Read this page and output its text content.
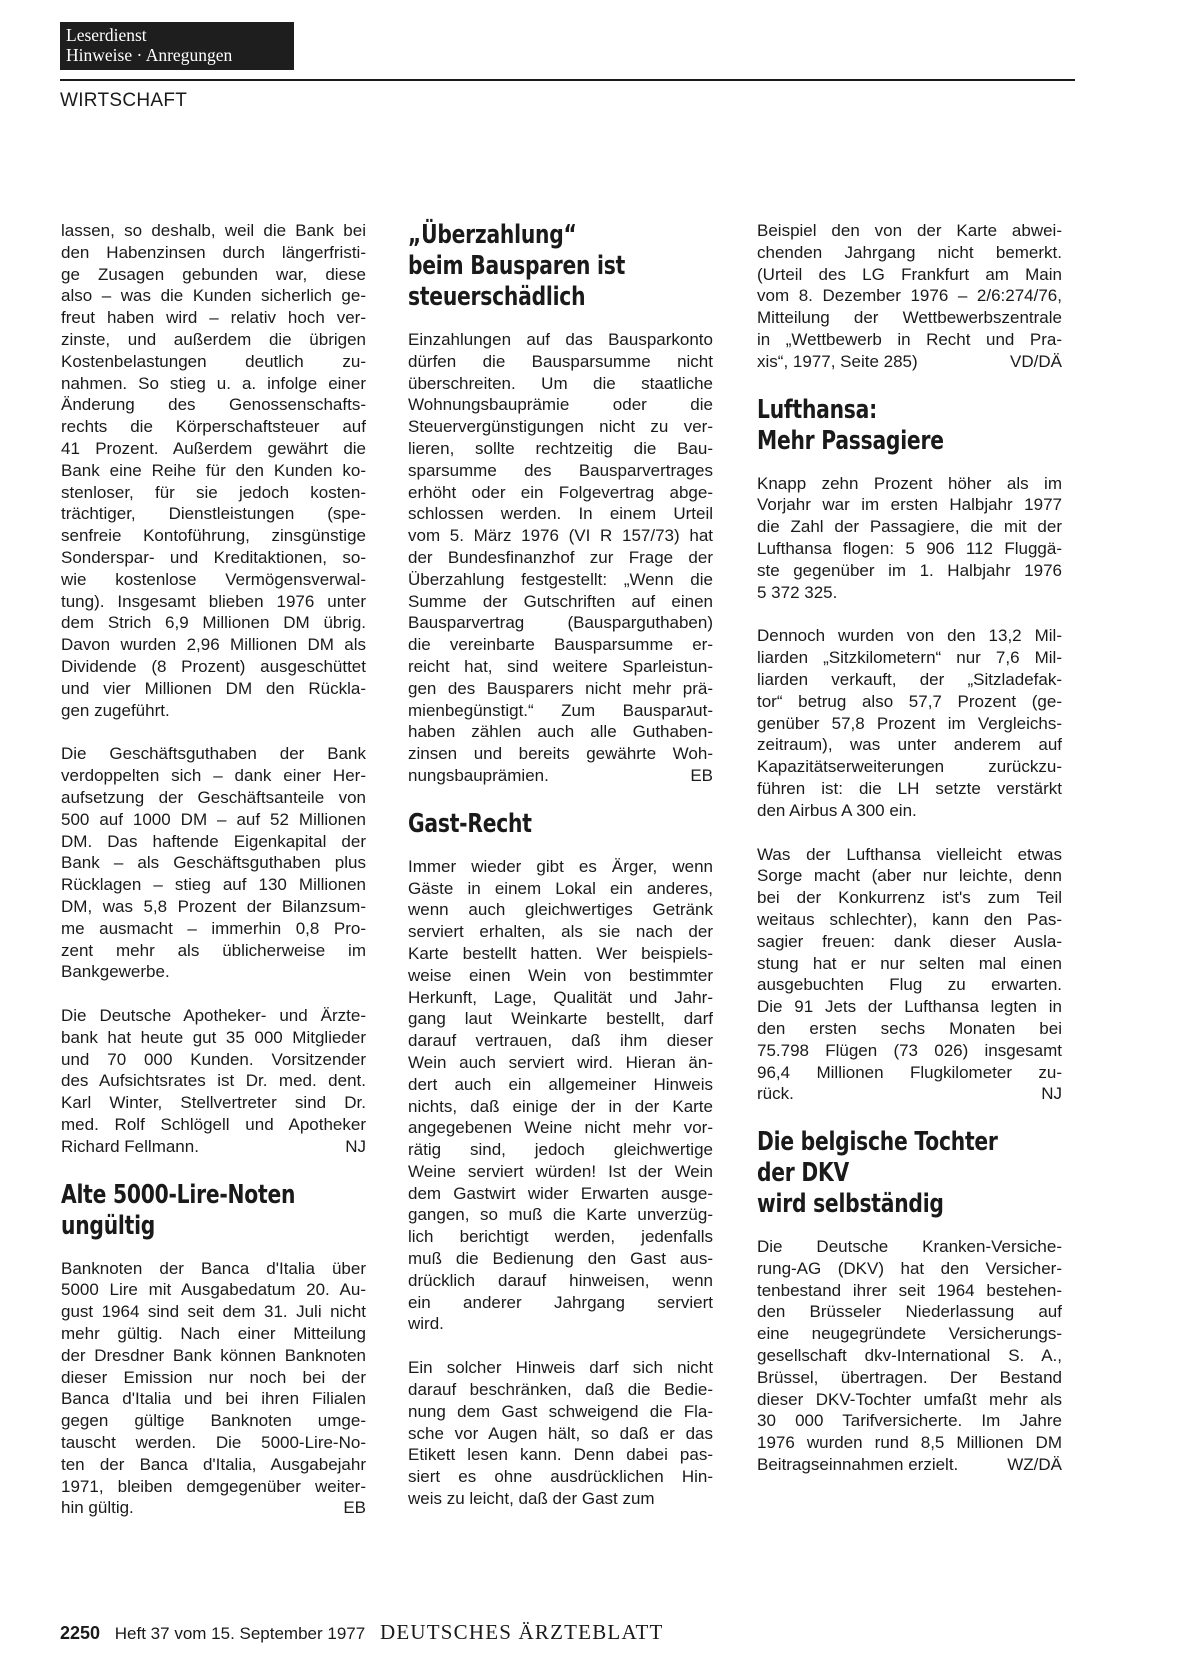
Leserdienst
Hinweise · Anregungen
WIRTSCHAFT
lassen, so deshalb, weil die Bank bei
den Habenzinsen durch längerfristi-
ge Zusagen gebunden war, diese
also – was die Kunden sicherlich ge-
freut haben wird – relativ hoch ver-
zinste, und außerdem die übrigen
Kostenbelastungen deutlich zu-
nahmen. So stieg u. a. infolge einer
Änderung des Genossenschafts-
rechts die Körperschaftsteuer auf
41 Prozent. Außerdem gewährt die
Bank eine Reihe für den Kunden ko-
stenloser, für sie jedoch kosten-
trächtiger, Dienstleistungen (spe-
senfreie Kontoführung, zinsgünstige
Sonderspar- und Kreditaktionen, so-
wie kostenlose Vermögensverwal-
tung). Insgesamt blieben 1976 unter
dem Strich 6,9 Millionen DM übrig.
Davon wurden 2,96 Millionen DM als
Dividende (8 Prozent) ausgeschüttet
und vier Millionen DM den Rückla-
gen zugeführt.
Die Geschäftsguthaben der Bank
verdoppelten sich – dank einer Her-
aufsetzung der Geschäftsanteile von
500 auf 1000 DM – auf 52 Millionen
DM. Das haftende Eigenkapital der
Bank – als Geschäftsguthaben plus
Rücklagen – stieg auf 130 Millionen
DM, was 5,8 Prozent der Bilanzsum-
me ausmacht – immerhin 0,8 Pro-
zent mehr als üblicherweise im
Bankgewerbe.
Die Deutsche Apotheker- und Ärzte-
bank hat heute gut 35 000 Mitglieder
und 70 000 Kunden. Vorsitzender
des Aufsichtsrates ist Dr. med. dent.
Karl Winter, Stellvertreter sind Dr.
med. Rolf Schlögell und Apotheker
Richard Fellmann.	NJ
Alte 5000-Lire-Noten
ungültig
Banknoten der Banca d'Italia über
5000 Lire mit Ausgabedatum 20. Au-
gust 1964 sind seit dem 31. Juli nicht
mehr gültig. Nach einer Mitteilung
der Dresdner Bank können Banknoten
dieser Emission nur noch bei der
Banca d'Italia und bei ihren Filialen
gegen gültige Banknoten umge-
tauscht werden. Die 5000-Lire-No-
ten der Banca d'Italia, Ausgabejahr
1971, bleiben demgegenüber weiter-
hin gültig.	EB
„Überzahlung“
beim Bausparen ist
steuerschädlich
Einzahlungen auf das Bausparkonto
dürfen die Bausparsumme nicht
überschreiten. Um die staatliche
Wohnungsbauprämie oder die
Steuervergünstigungen nicht zu ver-
lieren, sollte rechtzeitig die Bau-
sparsumme des Bausparvertrages
erhöht oder ein Folgevertrag abge-
schlossen werden. In einem Urteil
vom 5. März 1976 (VI R 157/73) hat
der Bundesfinanzhof zur Frage der
Überzahlung festgestellt: „Wenn die
Summe der Gutschriften auf einen
Bausparvertrag (Bausparguthaben)
die vereinbarte Bausparsumme er-
reicht hat, sind weitere Sparleistun-
gen des Bausparers nicht mehr prä-
mienbegünstigt.“ Zum Bausparגut-
haben zählen auch alle Guthaben-
zinsen und bereits gewährte Woh-
nungsbauprämien.	EB
Gast-Recht
Immer wieder gibt es Ärger, wenn
Gäste in einem Lokal ein anderes,
wenn auch gleichwertiges Getränk
serviert erhalten, als sie nach der
Karte bestellt hatten. Wer beispiels-
weise einen Wein von bestimmter
Herkunft, Lage, Qualität und Jahr-
gang laut Weinkarte bestellt, darf
darauf vertrauen, daß ihm dieser
Wein auch serviert wird. Hieran än-
dert auch ein allgemeiner Hinweis
nichts, daß einige der in der Karte
angegebenen Weine nicht mehr vor-
rätig sind, jedoch gleichwertige
Weine serviert würden! Ist der Wein
dem Gastwirt wider Erwarten ausge-
gangen, so muß die Karte unverzüg-
lich berichtigt werden, jedenfalls
muß die Bedienung den Gast aus-
drücklich darauf hinweisen, wenn
ein anderer Jahrgang serviert
wird.
Ein solcher Hinweis darf sich nicht
darauf beschränken, daß die Bedie-
nung dem Gast schweigend die Fla-
sche vor Augen hält, so daß er das
Etikett lesen kann. Denn dabei pas-
siert es ohne ausdrücklichen Hin-
weis zu leicht, daß der Gast zum
Beispiel den von der Karte abwei-
chenden Jahrgang nicht bemerkt.
(Urteil des LG Frankfurt am Main
vom 8. Dezember 1976 – 2/6:274/76,
Mitteilung der Wettbewerbszentrale
in „Wettbewerb in Recht und Pra-
xis“, 1977, Seite 285)	VD/DÄ
Lufthansa:
Mehr Passagiere
Knapp zehn Prozent höher als im
Vorjahr war im ersten Halbjahr 1977
die Zahl der Passagiere, die mit der
Lufthansa flogen: 5 906 112 Fluggä-
ste gegenüber im 1. Halbjahr 1976
5 372 325.
Dennoch wurden von den 13,2 Mil-
liarden „Sitzkilometern“ nur 7,6 Mil-
liarden verkauft, der „Sitzladefak-
tor“ betrug also 57,7 Prozent (ge-
genüber 57,8 Prozent im Vergleichs-
zeitraum), was unter anderem auf
Kapazitätserweiterungen zurückzu-
führen ist: die LH setzte verstärkt
den Airbus A 300 ein.
Was der Lufthansa vielleicht etwas
Sorge macht (aber nur leichte, denn
bei der Konkurrenz ist's zum Teil
weitaus schlechter), kann den Pas-
sagier freuen: dank dieser Ausla-
stung hat er nur selten mal einen
ausgebuchten Flug zu erwarten.
Die 91 Jets der Lufthansa legten in
den ersten sechs Monaten bei
75.798 Flügen (73 026) insgesamt
96,4 Millionen Flugkilometer zu-
rück.	NJ
Die belgische Tochter
der DKV
wird selbständig
Die Deutsche Kranken-Versiche-
rung-AG (DKV) hat den Versicher-
tenbestand ihrer seit 1964 bestehen-
den Brüsseler Niederlassung auf
eine neugegründete Versicherungs-
gesellschaft dkv-International S. A.,
Brüssel, übertragen. Der Bestand
dieser DKV-Tochter umfaßt mehr als
30 000 Tarifversicherte. Im Jahre
1976 wurden rund 8,5 Millionen DM
Beitragseinnahmen erzielt.	WZ/DÄ
2250 Heft 37 vom 15. September 1977 DEUTSCHES ÄRZTEBLATT
